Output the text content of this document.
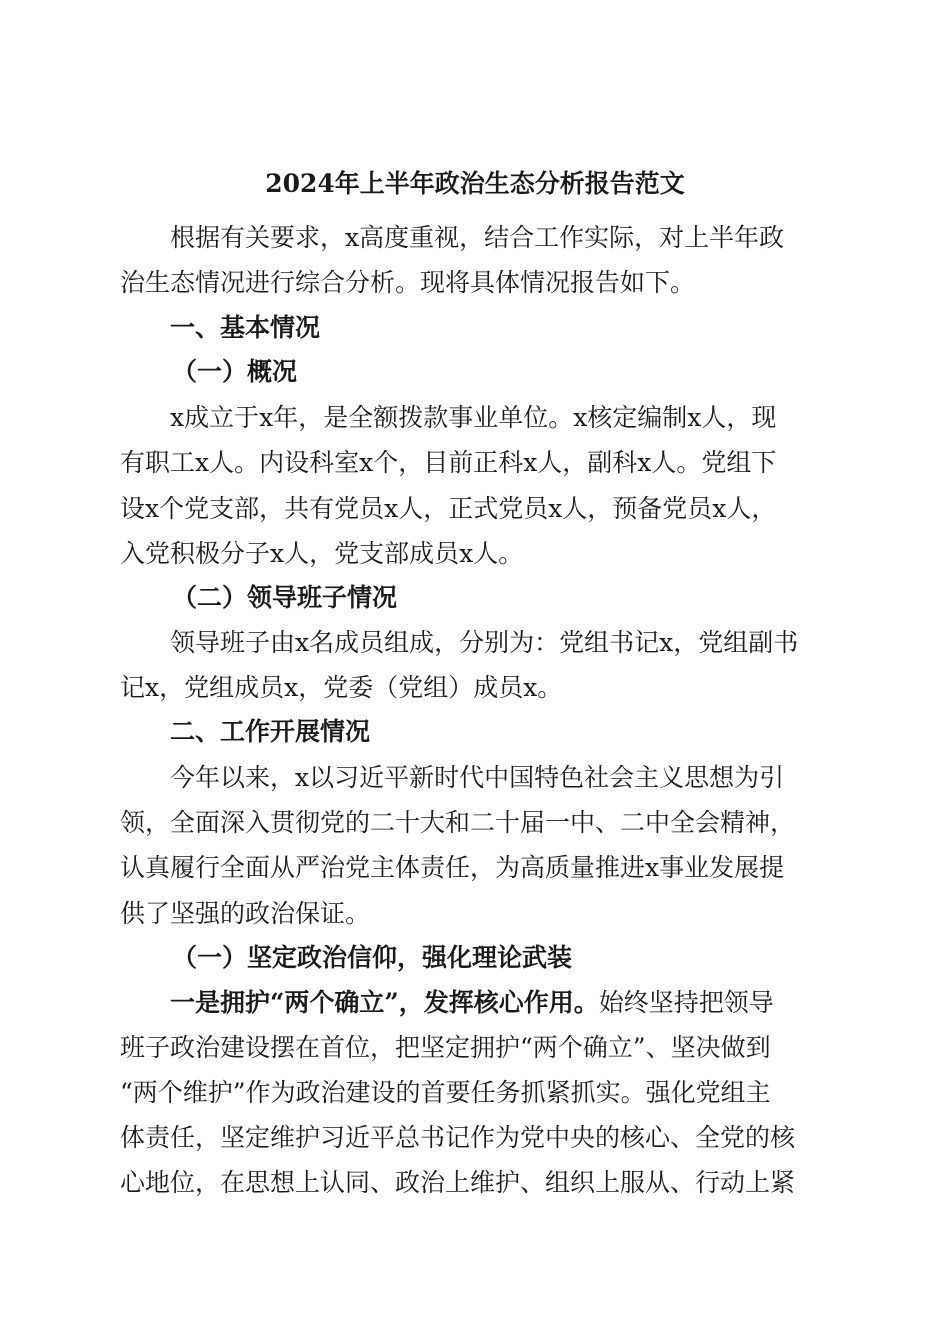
2024年上半年政治生态分析报告范文
根据有关要求，x高度重视，结合工作实际，对上半年政
治生态情况进行综合分析。现将具体情况报告如下。
一、基本情况
（一）概况
x成立于x年，是全额拨款事业单位。x核定编制x人，现
有职工x人。内设科室x个，目前正科x人，副科x人。党组下
设x个党支部，共有党员x人，正式党员x人，预备党员x人，
入党积极分子x人，党支部成员x人。
（二）领导班子情况
领导班子由x名成员组成，分别为：党组书记x，党组副书
记x，党组成员x，党委（党组）成员x。
二、工作开展情况
今年以来，x以习近平新时代中国特色社会主义思想为引
领，全面深入贯彻党的二十大和二十届一中、二中全会精神，
认真履行全面从严治党主体责任，为高质量推进x事业发展提
供了坚强的政治保证。
（一）坚定政治信仰，强化理论武装
一是拥护“两个确立”，发挥核心作用。始终坚持把领导
班子政治建设摆在首位，把坚定拥护“两个确立”、坚决做到
“两个维护”作为政治建设的首要任务抓紧抓实。强化党组主
体责任，坚定维护习近平总书记作为党中央的核心、全党的核
心地位，在思想上认同、政治上维护、组织上服从、行动上紧
